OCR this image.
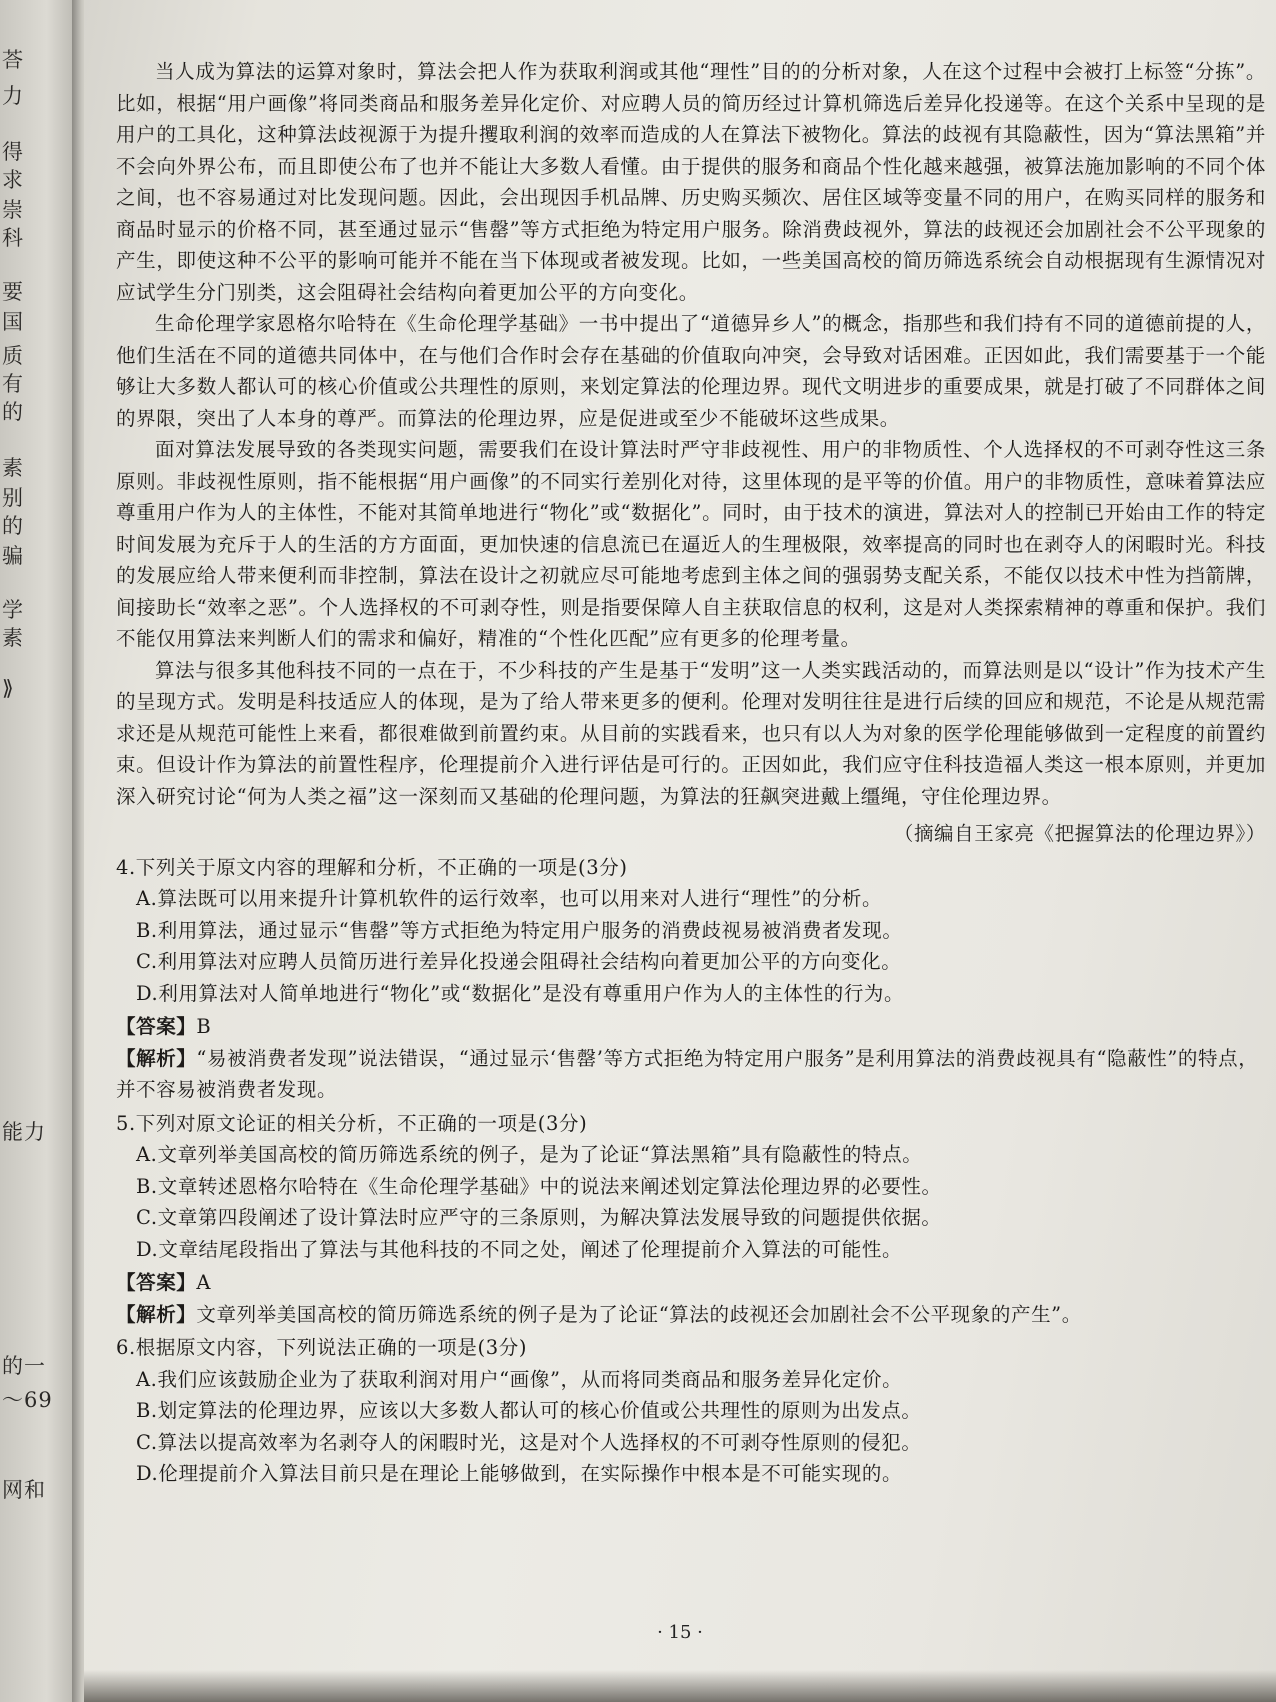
荅
力
得
求
崇
科
要
国
质
有
的
素
别
的
骗
学
素
⟫
能力
的一
～69
网和

当人成为算法的运算对象时，算法会把人作为获取利润或其他“理性”目的的分析对象，人在这个过程中会被打上标签“分拣”。比如，根据“用户画像”将同类商品和服务差异化定价、对应聘人员的简历经过计算机筛选后差异化投递等。在这个关系中呈现的是用户的工具化，这种算法歧视源于为提升攫取利润的效率而造成的人在算法下被物化。算法的歧视有其隐蔽性，因为“算法黑箱”并不会向外界公布，而且即使公布了也并不能让大多数人看懂。由于提供的服务和商品个性化越来越强，被算法施加影响的不同个体之间，也不容易通过对比发现问题。因此，会出现因手机品牌、历史购买频次、居住区域等变量不同的用户，在购买同样的服务和商品时显示的价格不同，甚至通过显示“售罄”等方式拒绝为特定用户服务。除消费歧视外，算法的歧视还会加剧社会不公平现象的产生，即使这种不公平的影响可能并不能在当下体现或者被发现。比如，一些美国高校的简历筛选系统会自动根据现有生源情况对应试学生分门别类，这会阻碍社会结构向着更加公平的方向变化。

生命伦理学家恩格尔哈特在《生命伦理学基础》一书中提出了“道德异乡人”的概念，指那些和我们持有不同的道德前提的人，他们生活在不同的道德共同体中，在与他们合作时会存在基础的价值取向冲突，会导致对话困难。正因如此，我们需要基于一个能够让大多数人都认可的核心价值或公共理性的原则，来划定算法的伦理边界。现代文明进步的重要成果，就是打破了不同群体之间的界限，突出了人本身的尊严。而算法的伦理边界，应是促进或至少不能破坏这些成果。

面对算法发展导致的各类现实问题，需要我们在设计算法时严守非歧视性、用户的非物质性、个人选择权的不可剥夺性这三条原则。非歧视性原则，指不能根据“用户画像”的不同实行差别化对待，这里体现的是平等的价值。用户的非物质性，意味着算法应尊重用户作为人的主体性，不能对其简单地进行“物化”或“数据化”。同时，由于技术的演进，算法对人的控制已开始由工作的特定时间发展为充斥于人的生活的方方面面，更加快速的信息流已在逼近人的生理极限，效率提高的同时也在剥夺人的闲暇时光。科技的发展应给人带来便利而非控制，算法在设计之初就应尽可能地考虑到主体之间的强弱势支配关系，不能仅以技术中性为挡箭牌，间接助长“效率之恶”。个人选择权的不可剥夺性，则是指要保障人自主获取信息的权利，这是对人类探索精神的尊重和保护。我们不能仅用算法来判断人们的需求和偏好，精准的“个性化匹配”应有更多的伦理考量。

算法与很多其他科技不同的一点在于，不少科技的产生是基于“发明”这一人类实践活动的，而算法则是以“设计”作为技术产生的呈现方式。发明是科技适应人的体现，是为了给人带来更多的便利。伦理对发明往往是进行后续的回应和规范，不论是从规范需求还是从规范可能性上来看，都很难做到前置约束。从目前的实践看来，也只有以人为对象的医学伦理能够做到一定程度的前置约束。但设计作为算法的前置性程序，伦理提前介入进行评估是可行的。正因如此，我们应守住科技造福人类这一根本原则，并更加深入研究讨论“何为人类之福”这一深刻而又基础的伦理问题，为算法的狂飙突进戴上缰绳，守住伦理边界。

（摘编自王家亮《把握算法的伦理边界》）

4.下列关于原文内容的理解和分析，不正确的一项是(3分)

A.算法既可以用来提升计算机软件的运行效率，也可以用来对人进行“理性”的分析。

B.利用算法，通过显示“售罄”等方式拒绝为特定用户服务的消费歧视易被消费者发现。

C.利用算法对应聘人员简历进行差异化投递会阻碍社会结构向着更加公平的方向变化。

D.利用算法对人简单地进行“物化”或“数据化”是没有尊重用户作为人的主体性的行为。

【答案】B

【解析】“易被消费者发现”说法错误，“通过显示‘售罄’等方式拒绝为特定用户服务”是利用算法的消费歧视具有“隐蔽性”的特点，并不容易被消费者发现。

5.下列对原文论证的相关分析，不正确的一项是(3分)

A.文章列举美国高校的简历筛选系统的例子，是为了论证“算法黑箱”具有隐蔽性的特点。

B.文章转述恩格尔哈特在《生命伦理学基础》中的说法来阐述划定算法伦理边界的必要性。

C.文章第四段阐述了设计算法时应严守的三条原则，为解决算法发展导致的问题提供依据。

D.文章结尾段指出了算法与其他科技的不同之处，阐述了伦理提前介入算法的可能性。

【答案】A

【解析】文章列举美国高校的简历筛选系统的例子是为了论证“算法的歧视还会加剧社会不公平现象的产生”。

6.根据原文内容，下列说法正确的一项是(3分)

A.我们应该鼓励企业为了获取利润对用户“画像”，从而将同类商品和服务差异化定价。

B.划定算法的伦理边界，应该以大多数人都认可的核心价值或公共理性的原则为出发点。

C.算法以提高效率为名剥夺人的闲暇时光，这是对个人选择权的不可剥夺性原则的侵犯。

D.伦理提前介入算法目前只是在理论上能够做到，在实际操作中根本是不可能实现的。

· 15 ·
